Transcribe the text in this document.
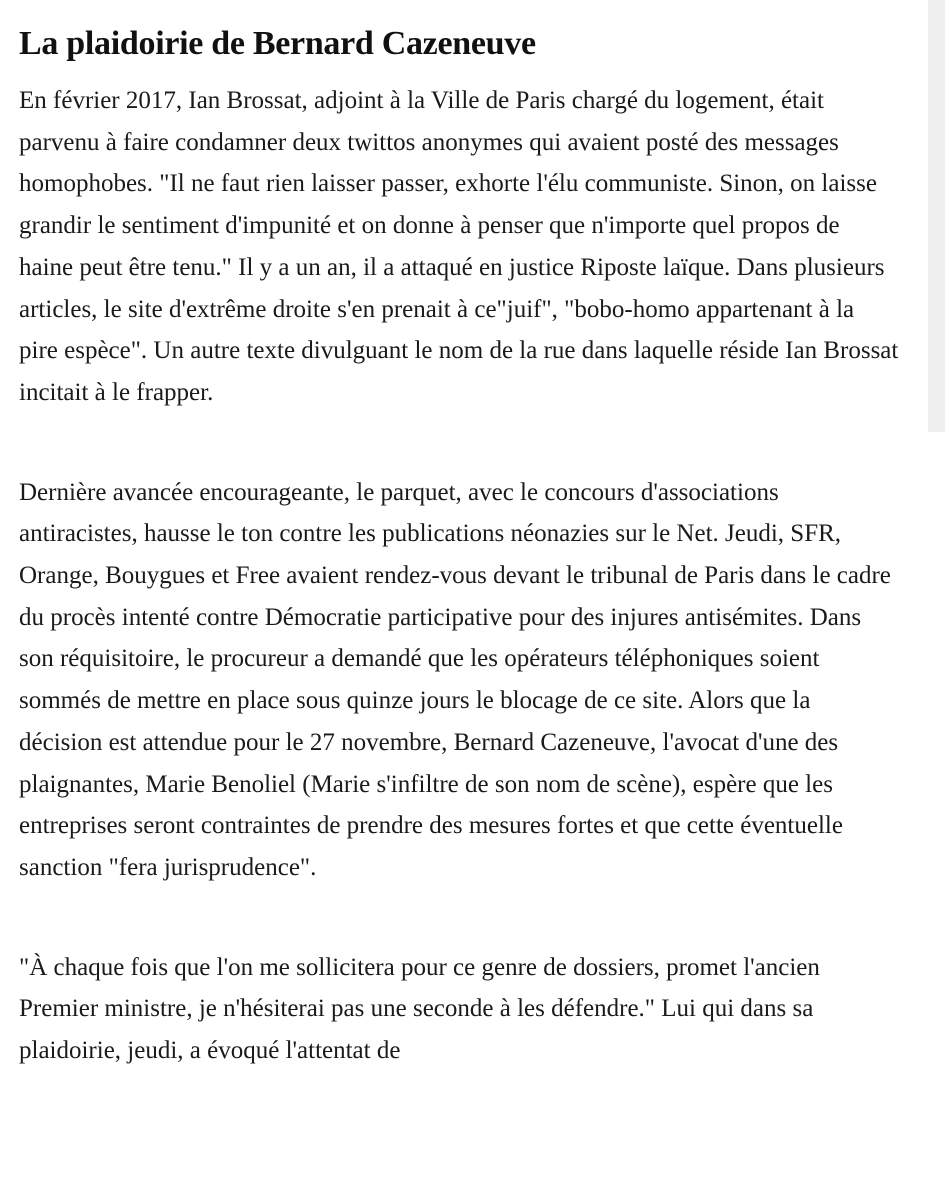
La plaidoirie de Bernard Cazeneuve

En février 2017, Ian Brossat, adjoint à la Ville de Paris chargé du logement, était parvenu à faire condamner deux twittos anonymes qui avaient posté des messages homophobes. "Il ne faut rien laisser passer, exhorte l'élu communiste. Sinon, on laisse grandir le sentiment d'impunité et on donne à penser que n'importe quel propos de haine peut être tenu." Il y a un an, il a attaqué en justice Riposte laïque. Dans plusieurs articles, le site d'extrême droite s'en prenait à ce"juif", "bobo-homo appartenant à la pire espèce". Un autre texte divulguant le nom de la rue dans laquelle réside Ian Brossat incitait à le frapper.

Dernière avancée encourageante, le parquet, avec le concours d'associations antiracistes, hausse le ton contre les publications néonazies sur le Net. Jeudi, SFR, Orange, Bouygues et Free avaient rendez-vous devant le tribunal de Paris dans le cadre du procès intenté contre Démocratie participative pour des injures antisémites. Dans son réquisitoire, le procureur a demandé que les opérateurs téléphoniques soient sommés de mettre en place sous quinze jours le blocage de ce site. Alors que la décision est attendue pour le 27 novembre, Bernard Cazeneuve, l'avocat d'une des plaignantes, Marie Benoliel (Marie s'infiltre de son nom de scène), espère que les entreprises seront contraintes de prendre des mesures fortes et que cette éventuelle sanction "fera jurisprudence".

"À chaque fois que l'on me sollicitera pour ce genre de dossiers, promet l'ancien Premier ministre, je n'hésiterai pas une seconde à les défendre." Lui qui dans sa plaidoirie, jeudi, a évoqué l'attentat de
